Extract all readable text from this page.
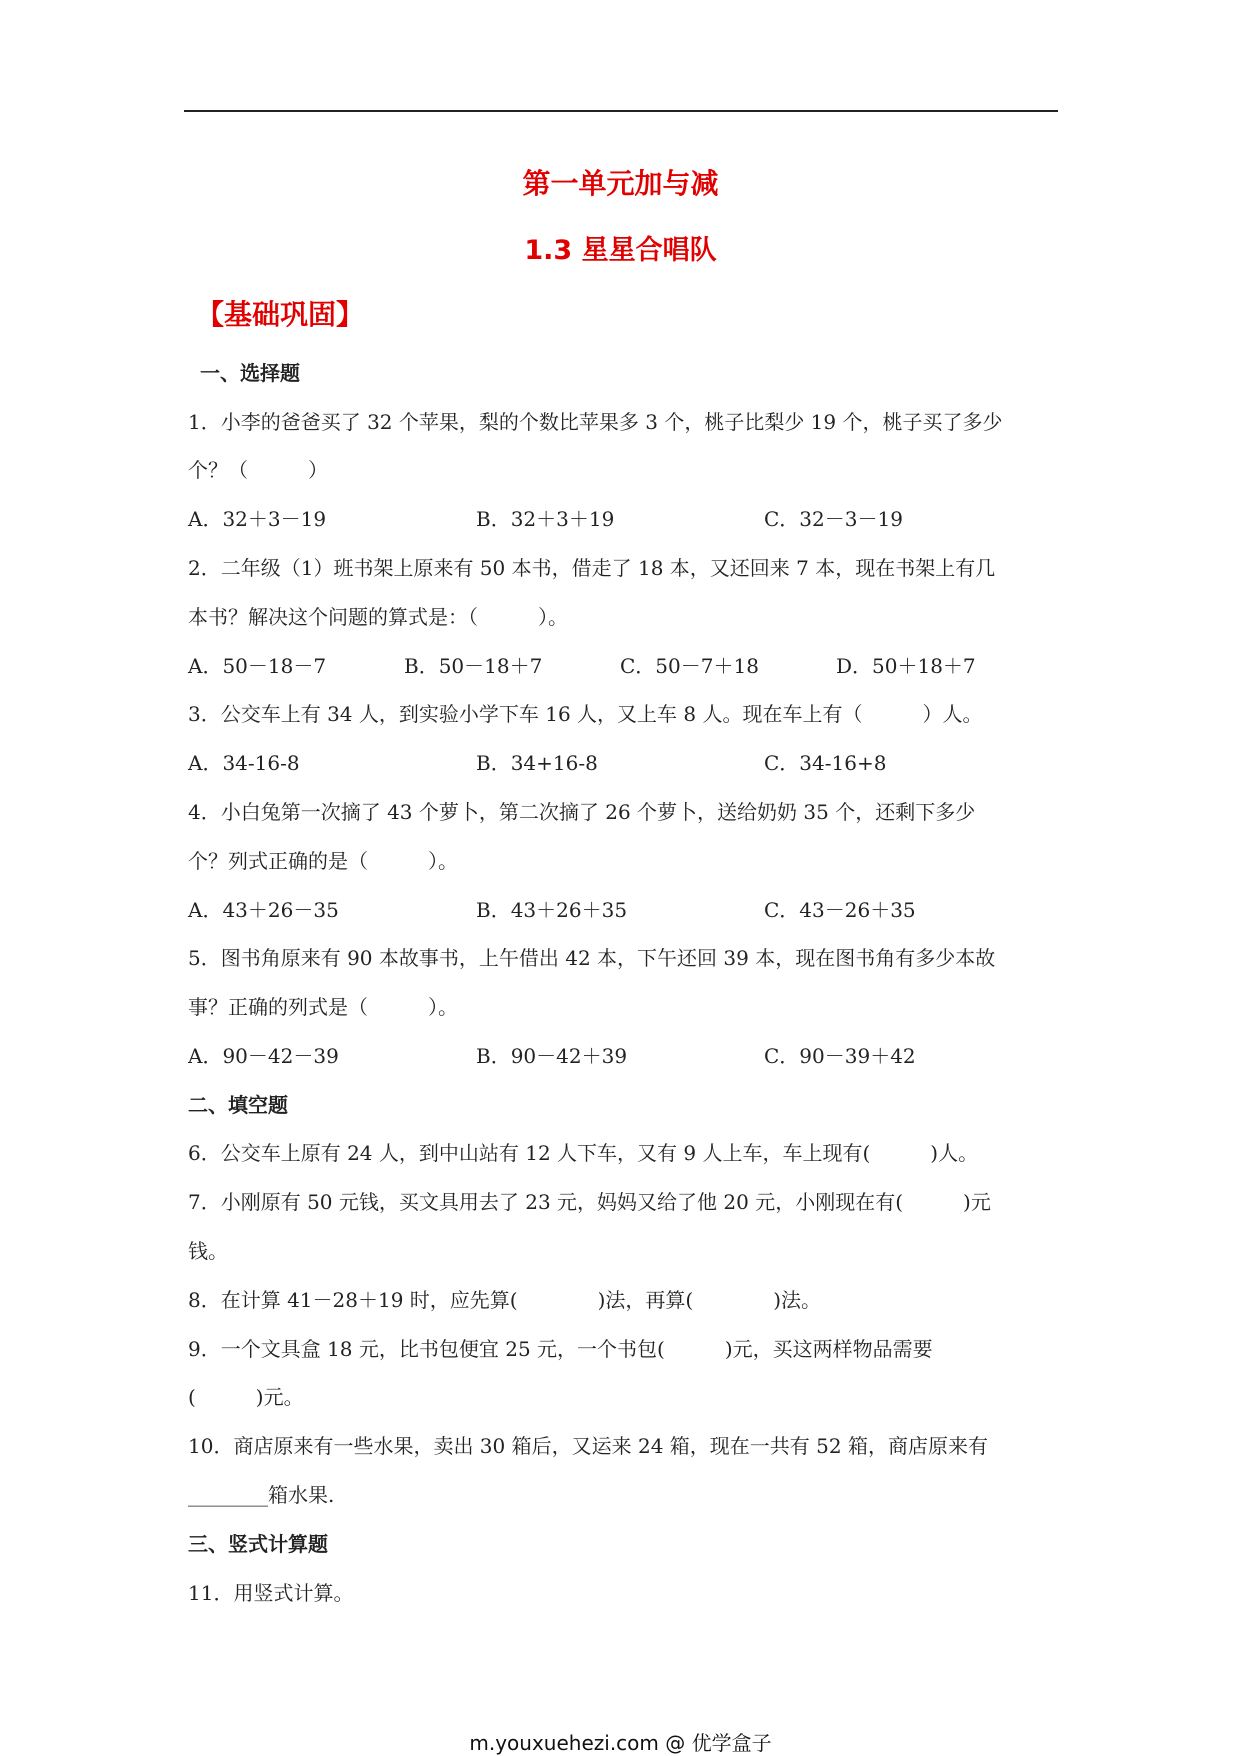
第一单元加与减
1.3 星星合唱队
【基础巩固】
一、选择题
1．小李的爸爸买了 32 个苹果，梨的个数比苹果多 3 个，桃子比梨少 19 个，桃子买了多少
个？（　　　）
A．32＋3－19	B．32＋3＋19	C．32－3－19
2．二年级（1）班书架上原来有 50 本书，借走了 18 本，又还回来 7 本，现在书架上有几
本书？解决这个问题的算式是：（　　　）。
A．50－18－7	B．50－18＋7	C．50－7＋18	D．50＋18＋7
3．公交车上有 34 人，到实验小学下车 16 人，又上车 8 人。现在车上有（　　　）人。
A．34-16-8	B．34+16-8	C．34-16+8
4．小白兔第一次摘了 43 个萝卜，第二次摘了 26 个萝卜，送给奶奶 35 个，还剩下多少
个？列式正确的是（　　　）。
A．43＋26－35	B．43＋26＋35	C．43－26＋35
5．图书角原来有 90 本故事书，上午借出 42 本，下午还回 39 本，现在图书角有多少本故
事？正确的列式是（　　　）。
A．90－42－39	B．90－42＋39	C．90－39＋42
二、填空题
6．公交车上原有 24 人，到中山站有 12 人下车，又有 9 人上车，车上现有(　　　)人。
7．小刚原有 50 元钱，买文具用去了 23 元，妈妈又给了他 20 元，小刚现在有(　　　)元
钱。
8．在计算 41－28＋19 时，应先算(　　　　)法，再算(　　　　)法。
9．一个文具盒 18 元，比书包便宜 25 元，一个书包(　　　)元，买这两样物品需要
(　　　)元。
10．商店原来有一些水果，卖出 30 箱后，又运来 24 箱，现在一共有 52 箱，商店原来有
________箱水果.
三、竖式计算题
11．用竖式计算。
m.youxuehezi.com @ 优学盒子
